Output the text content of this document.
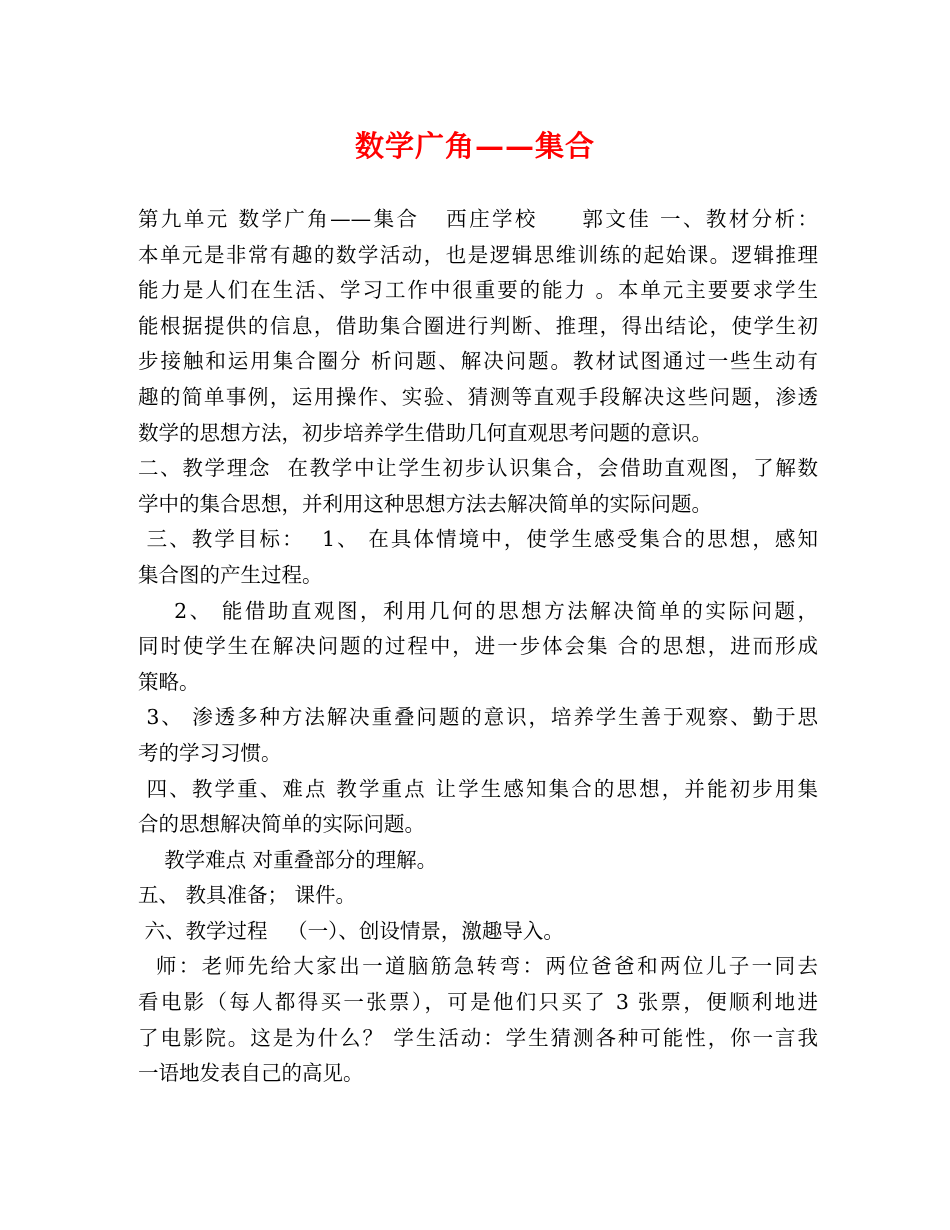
数学广角——集合
第九单元 数学广角——集合   西庄学校     郭文佳 一、教材分析：
本单元是非常有趣的数学活动，也是逻辑思维训练的起始课。逻辑推理
能力是人们在生活、学习工作中很重要的能力 。本单元主要要求学生
能根据提供的信息，借助集合圈进行判断、推理，得出结论，使学生初
步接触和运用集合圈分 析问题、解决问题。教材试图通过一些生动有
趣的简单事例，运用操作、实验、猜测等直观手段解决这些问题，渗透
数学的思想方法，初步培养学生借助几何直观思考问题的意识。
二、教学理念  在教学中让学生初步认识集合，会借助直观图，了解数
学中的集合思想，并利用这种思想方法去解决简单的实际问题。
三、教学目标：  1、 在具体情境中，使学生感受集合的思想，感知
集合图的产生过程。
2、 能借助直观图，利用几何的思想方法解决简单的实际问题，
同时使学生在解决问题的过程中，进一步体会集 合的思想，进而形成
策略。
3、 渗透多种方法解决重叠问题的意识，培养学生善于观察、勤于思
考的学习习惯。
四、教学重、难点 教学重点 让学生感知集合的思想，并能初步用集
合的思想解决简单的实际问题。
教学难点 对重叠部分的理解。
五、 教具准备； 课件。
六、教学过程   （一）、创设情景，激趣导入。
师：老师先给大家出一道脑筋急转弯：两位爸爸和两位儿子一同去
看电影（每人都得买一张票），可是他们只买了 3 张票，便顺利地进
了电影院。这是为什么？ 学生活动：学生猜测各种可能性，你一言我
一语地发表自己的高见。
